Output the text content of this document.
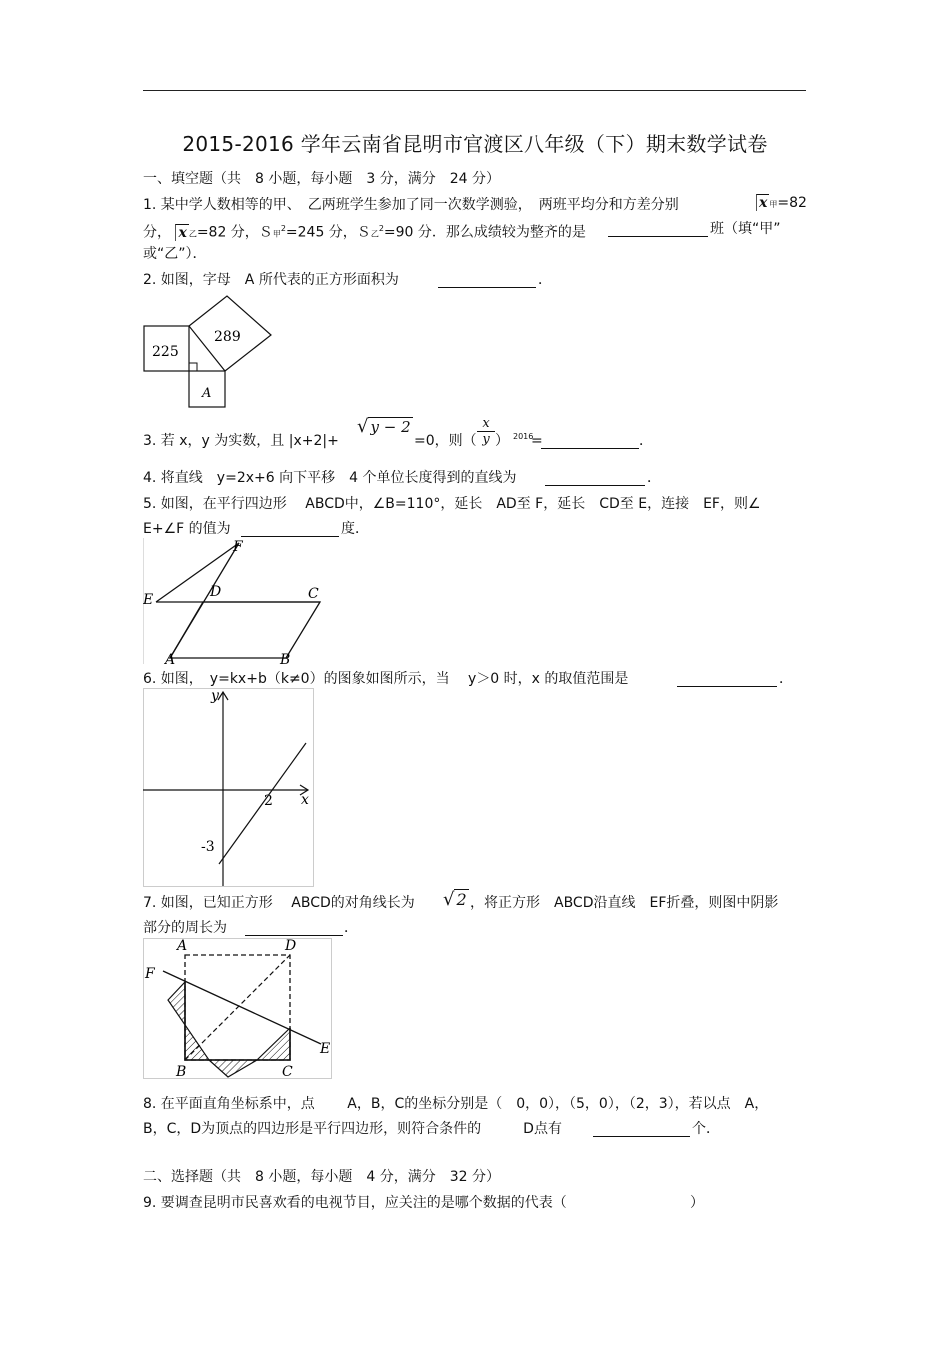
2015-2016 学年云南省昆明市官渡区八年级（下）期末数学试卷
一、填空题（共　8 小题，每小题　3 分，满分　24 分）
1. 某中学人数相等的甲、　乙两班学生参加了同一次数学测验，　两班平均分和方差分别	x 甲=82
分， x 乙=82 分，Ｓ甲$^2$=245 分，Ｓ乙$^2$=90 分．那么成绩较为整齐的是	班（填“甲”
或“乙”）．
2. 如图，字母　A 所代表的正方形面积为	．
225
289
A
3. 若 x，y 为实数，且 |x+2|+
√ y − 2
=0，则（ $\frac{x}{y}$ ） 2016
=	．
4. 将直线　y=2x+6 向下平移　4 个单位长度得到的直线为	．
5. 如图，在平行四边形　 ABCD中，∠B=110°，延长　AD至 F，延长　CD至 E，连接　EF，则∠
E+∠F 的值为	度．
E
F
D	C
A	B
6. 如图，　y=kx+b（k≠0）的图象如图所示，当　 y＞0 时，x 的取值范围是	．
y
x
2
-3
7. 如图，已知正方形　 ABCD的对角线长为 √ 2 ，将正方形　ABCD沿直线　EF折叠，则图中阴影
部分的周长为	．
A	D
F
E
B	C
8. 在平面直角坐标系中，点　　 A，B，C的坐标分别是（　0，0），（5，0），（2，3），若以点　A，
B，C，D为顶点的四边形是平行四边形，则符合条件的　　　D点有	个．
二、选择题（共　8 小题，每小题　4 分，满分　32 分）
9. 要调查昆明市民喜欢看的电视节目，应关注的是哪个数据的代表（	）
